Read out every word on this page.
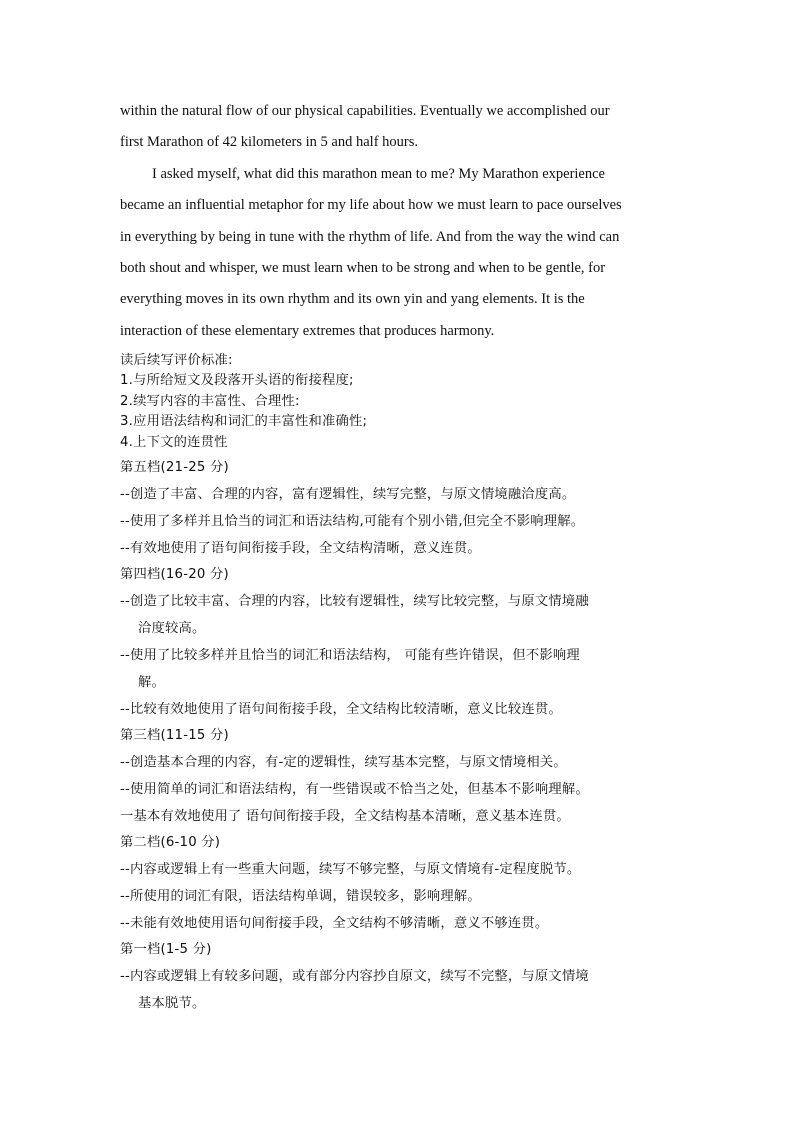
within the natural flow of our physical capabilities. Eventually we accomplished our
first Marathon of 42 kilometers in 5 and half hours.

I asked myself, what did this marathon mean to me? My Marathon experience
became an influential metaphor for my life about how we must learn to pace ourselves
in everything by being in tune with the rhythm of life. And from the way the wind can
both shout and whisper, we must learn when to be strong and when to be gentle, for
everything moves in its own rhythm and its own yin and yang elements. It is the
interaction of these elementary extremes that produces harmony.

读后续写评价标准:

1.与所给短文及段落开头语的衔接程度;

2.续写内容的丰富性、合理性:

3.应用语法结构和词汇的丰富性和准确性;

4.上下文的连贯性

第五档(21-25 分)

--创造了丰富、合理的内容，富有逻辑性，续写完整，与原文情境融洽度高。

--使用了多样并且恰当的词汇和语法结构,可能有个别小错,但完全不影响理解。

--有效地使用了语句间衔接手段，全文结构清晰，意义连贯。

第四档(16-20 分)

--创造了比较丰富、合理的内容，比较有逻辑性，续写比较完整，与原文情境融

洽度较高。

--使用了比较多样并且恰当的词汇和语法结构， 可能有些许错误，但不影响理

解。

--比较有效地使用了语句间衔接手段，全文结构比较清晰，意义比较连贯。

第三档(11-15 分)

--创造基本合理的内容，有-定的逻辑性，续写基本完整，与原文情境相关。

--使用简单的词汇和语法结构，有一些错误或不恰当之处，但基本不影响理解。

一基本有效地使用了 语句间衔接手段，全文结构基本清晰，意义基本连贯。

第二档(6-10 分)

--内容或逻辑上有一些重大问题，续写不够完整，与原文情境有-定程度脱节。

--所使用的词汇有限，语法结构单调，错误较多，影响理解。

--未能有效地使用语句间衔接手段，全文结构不够清晰，意义不够连贯。

第一档(1-5 分)

--内容或逻辑上有较多问题，或有部分内容抄自原文，续写不完整，与原文情境

基本脱节。
